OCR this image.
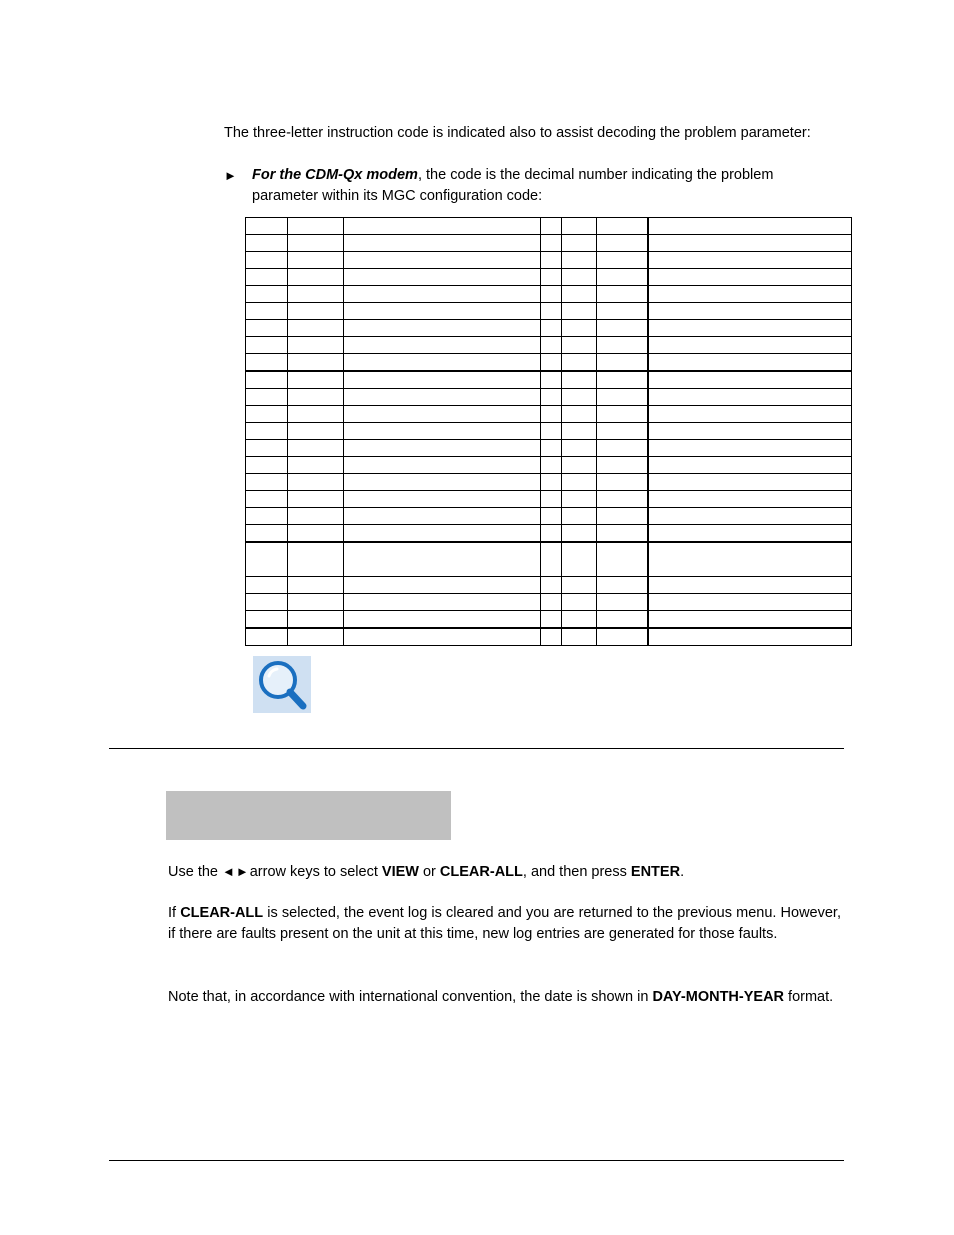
The three-letter instruction code is indicated also to assist decoding the problem parameter:
►	For the CDM-Qx modem, the code is the decimal number indicating the problem
parameter within its MGC configuration code:

Use the ◄►arrow keys to select VIEW or CLEAR-ALL, and then press ENTER.
If CLEAR-ALL is selected, the event log is cleared and you are returned to the previous menu. However, if there are faults present on the unit at this time, new log entries are generated for those faults.
Note that, in accordance with international convention, the date is shown in DAY-MONTH-YEAR format.
